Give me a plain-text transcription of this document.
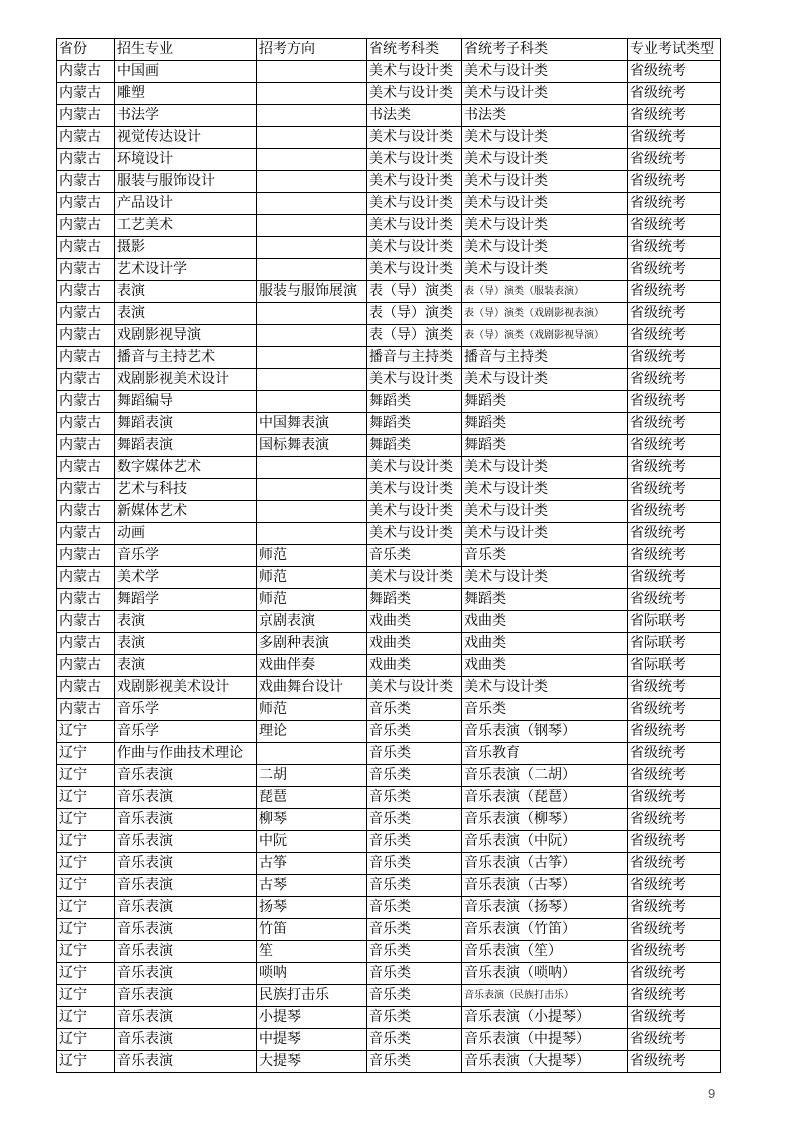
省份	招生专业	招考方向	省统考科类	省统考子科类	专业考试类型
内蒙古	中国画		美术与设计类	美术与设计类	省级统考
内蒙古	雕塑		美术与设计类	美术与设计类	省级统考
内蒙古	书法学		书法类	书法类	省级统考
内蒙古	视觉传达设计		美术与设计类	美术与设计类	省级统考
内蒙古	环境设计		美术与设计类	美术与设计类	省级统考
内蒙古	服装与服饰设计		美术与设计类	美术与设计类	省级统考
内蒙古	产品设计		美术与设计类	美术与设计类	省级统考
内蒙古	工艺美术		美术与设计类	美术与设计类	省级统考
内蒙古	摄影		美术与设计类	美术与设计类	省级统考
内蒙古	艺术设计学		美术与设计类	美术与设计类	省级统考
内蒙古	表演	服装与服饰展演	表（导）演类	表（导）演类（服装表演）	省级统考
内蒙古	表演		表（导）演类	表（导）演类（戏剧影视表演）	省级统考
内蒙古	戏剧影视导演		表（导）演类	表（导）演类（戏剧影视导演）	省级统考
内蒙古	播音与主持艺术		播音与主持类	播音与主持类	省级统考
内蒙古	戏剧影视美术设计		美术与设计类	美术与设计类	省级统考
内蒙古	舞蹈编导		舞蹈类	舞蹈类	省级统考
内蒙古	舞蹈表演	中国舞表演	舞蹈类	舞蹈类	省级统考
内蒙古	舞蹈表演	国标舞表演	舞蹈类	舞蹈类	省级统考
内蒙古	数字媒体艺术		美术与设计类	美术与设计类	省级统考
内蒙古	艺术与科技		美术与设计类	美术与设计类	省级统考
内蒙古	新媒体艺术		美术与设计类	美术与设计类	省级统考
内蒙古	动画		美术与设计类	美术与设计类	省级统考
内蒙古	音乐学	师范	音乐类	音乐类	省级统考
内蒙古	美术学	师范	美术与设计类	美术与设计类	省级统考
内蒙古	舞蹈学	师范	舞蹈类	舞蹈类	省级统考
内蒙古	表演	京剧表演	戏曲类	戏曲类	省际联考
内蒙古	表演	多剧种表演	戏曲类	戏曲类	省际联考
内蒙古	表演	戏曲伴奏	戏曲类	戏曲类	省际联考
内蒙古	戏剧影视美术设计	戏曲舞台设计	美术与设计类	美术与设计类	省级统考
内蒙古	音乐学	师范	音乐类	音乐类	省级统考
辽宁	音乐学	理论	音乐类	音乐表演（钢琴）	省级统考
辽宁	作曲与作曲技术理论		音乐类	音乐教育	省级统考
辽宁	音乐表演	二胡	音乐类	音乐表演（二胡）	省级统考
辽宁	音乐表演	琵琶	音乐类	音乐表演（琵琶）	省级统考
辽宁	音乐表演	柳琴	音乐类	音乐表演（柳琴）	省级统考
辽宁	音乐表演	中阮	音乐类	音乐表演（中阮）	省级统考
辽宁	音乐表演	古筝	音乐类	音乐表演（古筝）	省级统考
辽宁	音乐表演	古琴	音乐类	音乐表演（古琴）	省级统考
辽宁	音乐表演	扬琴	音乐类	音乐表演（扬琴）	省级统考
辽宁	音乐表演	竹笛	音乐类	音乐表演（竹笛）	省级统考
辽宁	音乐表演	笙	音乐类	音乐表演（笙）	省级统考
辽宁	音乐表演	唢呐	音乐类	音乐表演（唢呐）	省级统考
辽宁	音乐表演	民族打击乐	音乐类	音乐表演（民族打击乐）	省级统考
辽宁	音乐表演	小提琴	音乐类	音乐表演（小提琴）	省级统考
辽宁	音乐表演	中提琴	音乐类	音乐表演（中提琴）	省级统考
辽宁	音乐表演	大提琴	音乐类	音乐表演（大提琴）	省级统考
9
